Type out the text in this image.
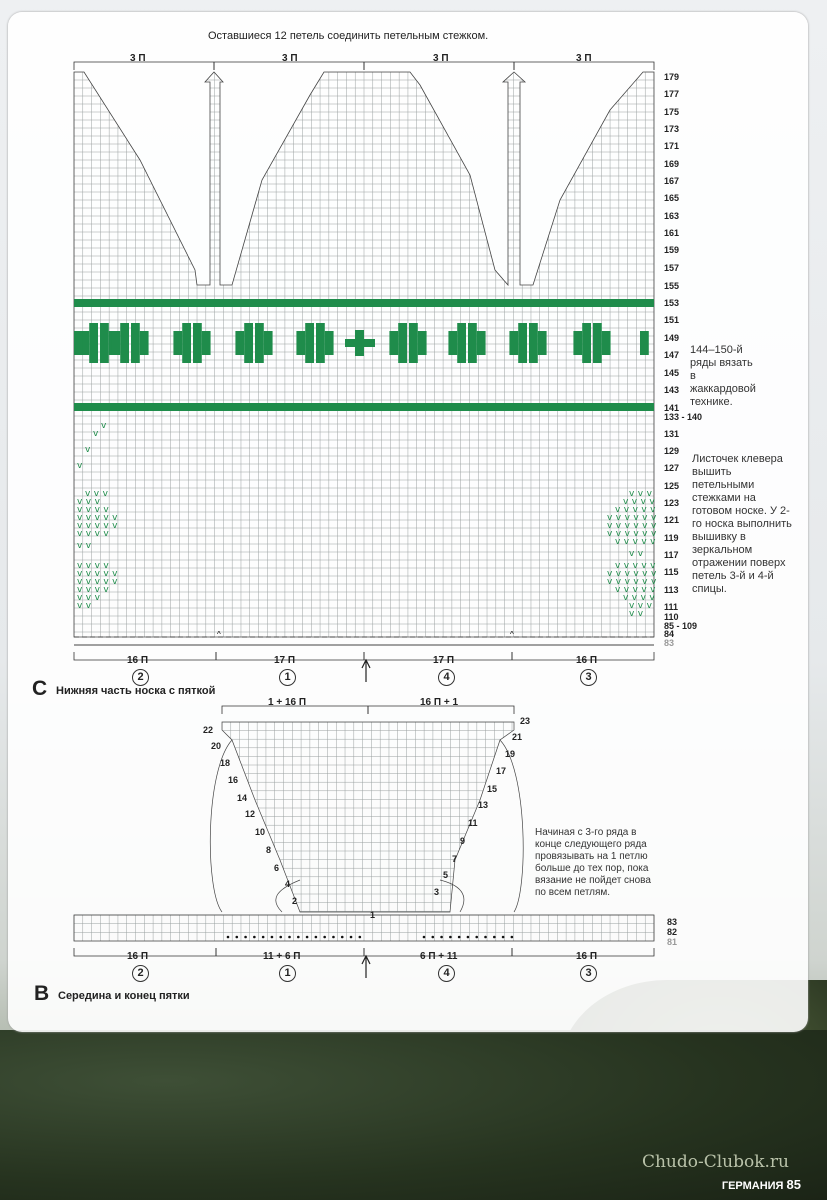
v
v
v
v
v v v
v v v
v v v v
v v v v v
v v v v v
v v v v
v v
v v v v
v v v v v
v v v v v
v v v v
v v v
v v
v v v
v v v v
v v v v v
v v v v v v
v v v v v v
v v v v v v
v v v v v
v v
v v v v v
v v v v v v
v v v v v v
v v v v v
v v v v
v v v
v v
^	^
Оставшиеся 12 петель соединить петельным стежком.
3 П	3 П	3 П	3 П
179
177
175
173
171
169
167
165
163
161
159
157
155
153
151
149
147
145
143
141
133 - 140
131
129
127
125
123
121
119
117
115
113
111
110
85 - 109
84
83
144–150-й ряды вязать в жаккардовой технике.
Листочек клевера вышить петельными стежками на готовом носке. У 2-го носка выполнить вышивку в зеркальном отражении поверх петель 3-й и 4-й спицы.
16 П	17 П	17 П	16 П
2	1	4	3
C Нижняя часть носка с пяткой
1 + 16 П	16 П + 1
22
20
18
16
14
12
10
8
6
4
2
23
21
19
17
15
13
11
9
7
5
3
1
Начиная с 3-го ряда в конце следующего ряда провязывать на 1 петлю больше до тех пор, пока вязание не пойдет снова по всем петлям.
83
82
81
16 П	11 + 6 П	6 П + 11	16 П
2	1	4	3
B Середина и конец пятки
Chudo-Clubok.ru
ГЕРМАНИЯ 85
